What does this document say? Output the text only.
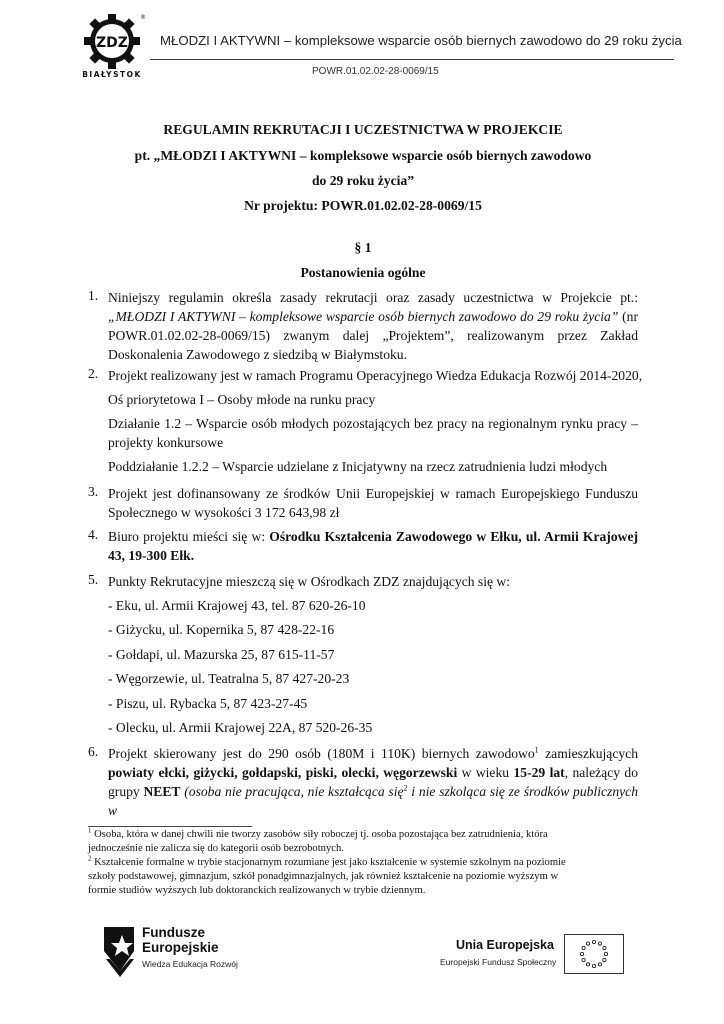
ZDZ
BIAŁYSTOK
®
MŁODZI I AKTYWNI – kompleksowe wsparcie osób biernych zawodowo do 29 roku życia
POWR.01.02.02-28-0069/15
REGULAMIN REKRUTACJI I UCZESTNICTWA W PROJEKCIE
pt. „MŁODZI I AKTYWNI – kompleksowe wsparcie osób biernych zawodowo
do 29 roku życia”
Nr projektu: POWR.01.02.02-28-0069/15
§ 1
Postanowienia ogólne
1. Niniejszy regulamin określa zasady rekrutacji oraz zasady uczestnictwa w Projekcie pt.:
„MŁODZI I AKTYWNI – kompleksowe wsparcie osób biernych zawodowo do 29 roku życia” (nr
POWR.01.02.02-28-0069/15) zwanym dalej „Projektem”, realizowanym przez Zakład
Doskonalenia Zawodowego z siedzibą w Białymstoku.
2. Projekt realizowany jest w ramach Programu Operacyjnego Wiedza Edukacja Rozwój 2014-2020,
Oś priorytetowa I – Osoby młode na runku pracy
Działanie 1.2 – Wsparcie osób młodych pozostających bez pracy na regionalnym rynku pracy –
projekty konkursowe
Poddziałanie 1.2.2 – Wsparcie udzielane z Inicjatywny na rzecz zatrudnienia ludzi młodych
3. Projekt jest dofinansowany ze środków Unii Europejskiej w ramach Europejskiego Funduszu
Społecznego w wysokości 3 172 643,98 zł
4. Biuro projektu mieści się w: Ośrodku Kształcenia Zawodowego w Ełku, ul. Armii Krajowej
43, 19-300 Ełk.
5. Punkty Rekrutacyjne mieszczą się w Ośrodkach ZDZ znajdujących się w:
- Eku, ul. Armii Krajowej 43, tel. 87 620-26-10
- Giżycku, ul. Kopernika 5, 87 428-22-16
- Gołdapi, ul. Mazurska 25, 87 615-11-57
- Węgorzewie, ul. Teatralna 5, 87 427-20-23
- Piszu, ul. Rybacka 5, 87 423-27-45
- Olecku, ul. Armii Krajowej 22A, 87 520-26-35
6. Projekt skierowany jest do 290 osób (180M i 110K) biernych zawodowo$^1$ zamieszkujących
powiaty ełcki, giżycki, gołdapski, piski, olecki, węgorzewski w wieku 15-29 lat, należący do
grupy NEET (osoba nie pracująca, nie kształcąca się$^2$ i nie szkoląca się ze środków publicznych w
$^1$ Osoba, która w danej chwili nie tworzy zasobów siły roboczej tj. osoba pozostająca bez zatrudnienia, która
jednocześnie nie zalicza się do kategorii osób bezrobotnych.
$^2$ Kształcenie formalne w trybie stacjonarnym rozumiane jest jako kształcenie w systemie szkolnym na poziomie
szkoły podstawowej, gimnazjum, szkół ponadgimnazjalnych, jak również kształcenie na poziomie wyższym w
formie studiów wyższych lub doktoranckich realizowanych w trybie dziennym.
Fundusze
Europejskie
Wiedza Edukacja Rozwój
Unia Europejska
Europejski Fundusz Społeczny
